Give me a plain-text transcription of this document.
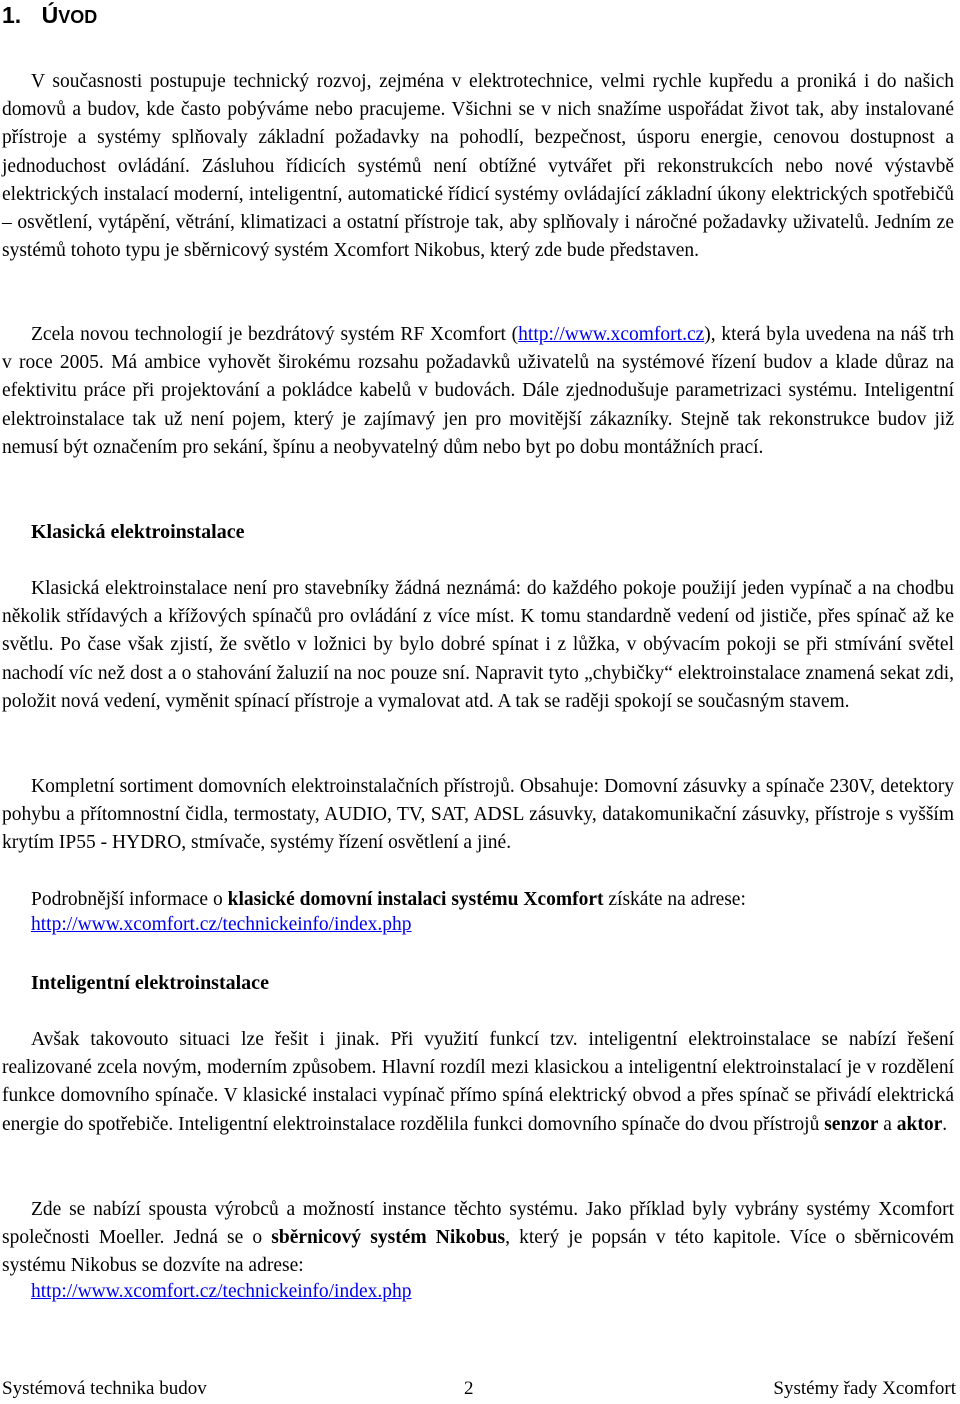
1. ÚVOD

V současnosti postupuje technický rozvoj, zejména v elektrotechnice, velmi rychle kupředu a proniká i do našich domovů a budov, kde často pobýváme nebo pracujeme. Všichni se v nich snažíme uspořádat život tak, aby instalované přístroje a systémy splňovaly základní požadavky na pohodlí, bezpečnost, úsporu energie, cenovou dostupnost a jednoduchost ovládání. Zásluhou řídicích systémů není obtížné vytvářet při rekonstrukcích nebo nové výstavbě elektrických instalací moderní, inteligentní, automatické řídicí systémy ovládající základní úkony elektrických spotřebičů – osvětlení, vytápění, větrání, klimatizaci a ostatní přístroje tak, aby splňovaly i náročné požadavky uživatelů. Jedním ze systémů tohoto typu je sběrnicový systém Xcomfort Nikobus, který zde bude představen.

Zcela novou technologií je bezdrátový systém RF Xcomfort (http://www.xcomfort.cz), která byla uvedena na náš trh v roce 2005. Má ambice vyhovět širokému rozsahu požadavků uživatelů na systémové řízení budov a klade důraz na efektivitu práce při projektování a pokládce kabelů v budovách. Dále zjednodušuje parametrizaci systému. Inteligentní elektroinstalace tak už není pojem, který je zajímavý jen pro movitější zákazníky. Stejně tak rekonstrukce budov již nemusí být označením pro sekání, špínu a neobyvatelný dům nebo byt po dobu montážních prací.

Klasická elektroinstalace

Klasická elektroinstalace není pro stavebníky žádná neznámá: do každého pokoje použijí jeden vypínač a na chodbu několik střídavých a křížových spínačů pro ovládání z více míst. K tomu standardně vedení od jističe, přes spínač až ke světlu. Po čase však zjistí, že světlo v ložnici by bylo dobré spínat i z lůžka, v obývacím pokoji se při stmívání světel nachodí víc než dost a o stahování žaluzií na noc pouze sní. Napravit tyto „chybičky“ elektroinstalace znamená sekat zdi, položit nová vedení, vyměnit spínací přístroje a vymalovat atd. A tak se raději spokojí se současným stavem.

Kompletní sortiment domovních elektroinstalačních přístrojů. Obsahuje: Domovní zásuvky a spínače 230V, detektory pohybu a přítomnostní čidla, termostaty, AUDIO, TV, SAT, ADSL zásuvky, datakomunikační zásuvky, přístroje s vyšším krytím IP55 - HYDRO, stmívače, systémy řízení osvětlení a jiné.

Podrobnější informace o klasické domovní instalaci systému Xcomfort získáte na adrese:

http://www.xcomfort.cz/technickeinfo/index.php
Inteligentní elektroinstalace

Avšak takovouto situaci lze řešit i jinak. Při využití funkcí tzv. inteligentní elektroinstalace se nabízí řešení realizované zcela novým, moderním způsobem. Hlavní rozdíl mezi klasickou a inteligentní elektroinstalací je v rozdělení funkce domovního spínače. V klasické instalaci vypínač přímo spíná elektrický obvod a přes spínač se přivádí elektrická energie do spotřebiče. Inteligentní elektroinstalace rozdělila funkci domovního spínače do dvou přístrojů senzor a aktor.

Zde se nabízí spousta výrobců a možností instance těchto systému. Jako příklad byly vybrány systémy Xcomfort společnosti Moeller. Jedná se o sběrnicový systém Nikobus, který je popsán v této kapitole. Více o sběrnicovém systému Nikobus se dozvíte na adrese:

http://www.xcomfort.cz/technickeinfo/index.php
Systémová technika budov	2	Systémy řady Xcomfort
